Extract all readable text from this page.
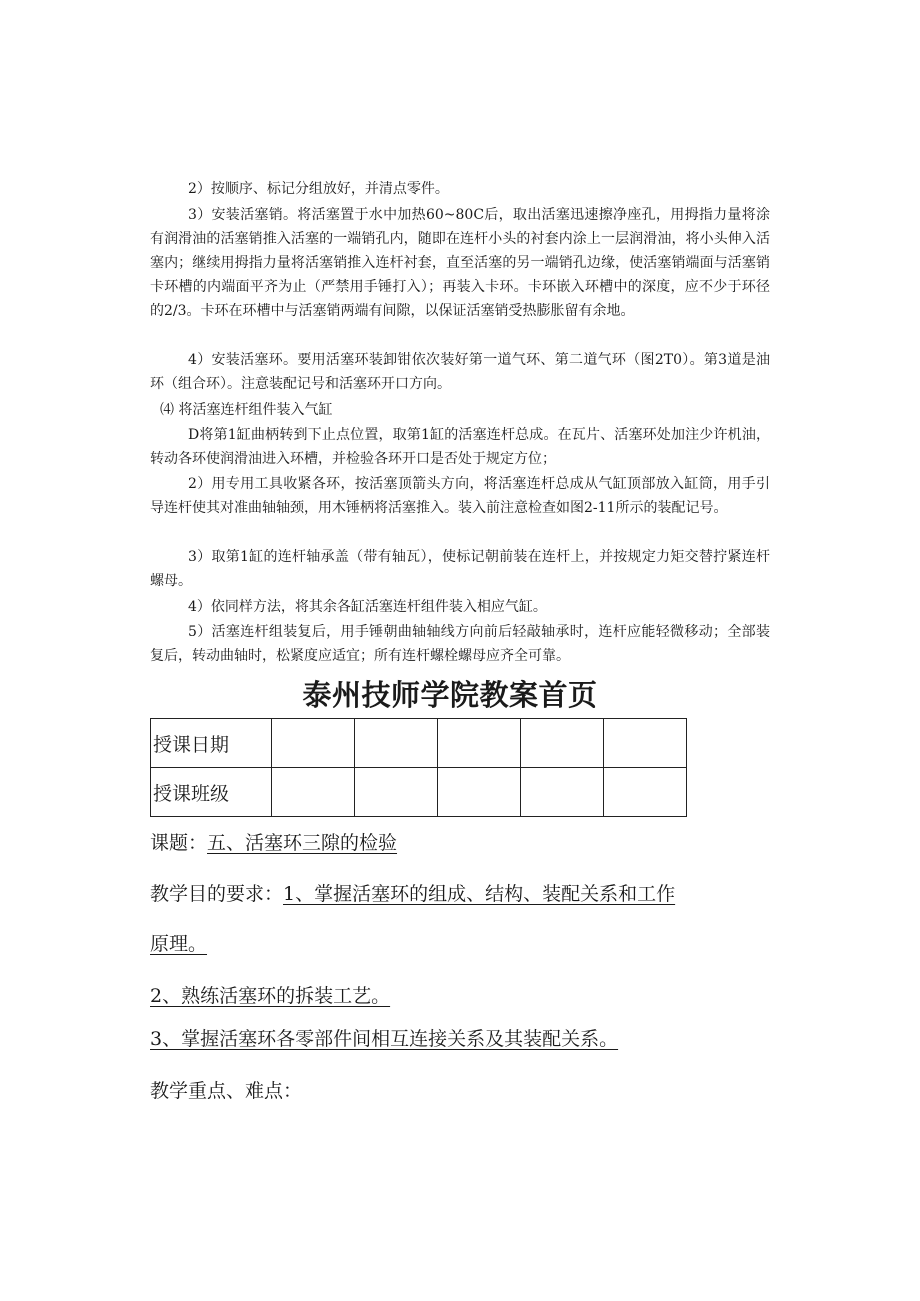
2）按顺序、标记分组放好，并清点零件。

3）安装活塞销。将活塞置于水中加热60~80C后，取出活塞迅速擦净座孔，用拇指力量将涂有润滑油的活塞销推入活塞的一端销孔内，随即在连杆小头的衬套内涂上一层润滑油，将小头伸入活塞内；继续用拇指力量将活塞销推入连杆衬套，直至活塞的另一端销孔边缘，使活塞销端面与活塞销卡环槽的内端面平齐为止（严禁用手锤打入）；再装入卡环。卡环嵌入环槽中的深度，应不少于环径的2/3。卡环在环槽中与活塞销两端有间隙，以保证活塞销受热膨胀留有余地。

4）安装活塞环。要用活塞环装卸钳依次装好第一道气环、第二道气环（图2T0）。第3道是油环（组合环）。注意装配记号和活塞环开口方向。

⑷ 将活塞连杆组件装入气缸

D将第1缸曲柄转到下止点位置，取第1缸的活塞连杆总成。在瓦片、活塞环处加注少许机油，转动各环使润滑油进入环槽，并检验各环开口是否处于规定方位；

2）用专用工具收紧各环，按活塞顶箭头方向，将活塞连杆总成从气缸顶部放入缸筒，用手引导连杆使其对准曲轴轴颈，用木锤柄将活塞推入。装入前注意检查如图2-11所示的装配记号。

3）取第1缸的连杆轴承盖（带有轴瓦），使标记朝前装在连杆上，并按规定力矩交替拧紧连杆螺母。

4）依同样方法，将其余各缸活塞连杆组件装入相应气缸。

5）活塞连杆组装复后，用手锤朝曲轴轴线方向前后轻敲轴承时，连杆应能轻微移动；全部装复后，转动曲轴时，松紧度应适宜；所有连杆螺栓螺母应齐全可靠。

泰州技师学院教案首页
授课日期					
授课班级					

课题：五、活塞环三隙的检验

教学目的要求：1、掌握活塞环的组成、结构、装配关系和工作

原理。

2、熟练活塞环的拆装工艺。

3、掌握活塞环各零部件间相互连接关系及其装配关系。

教学重点、难点：
